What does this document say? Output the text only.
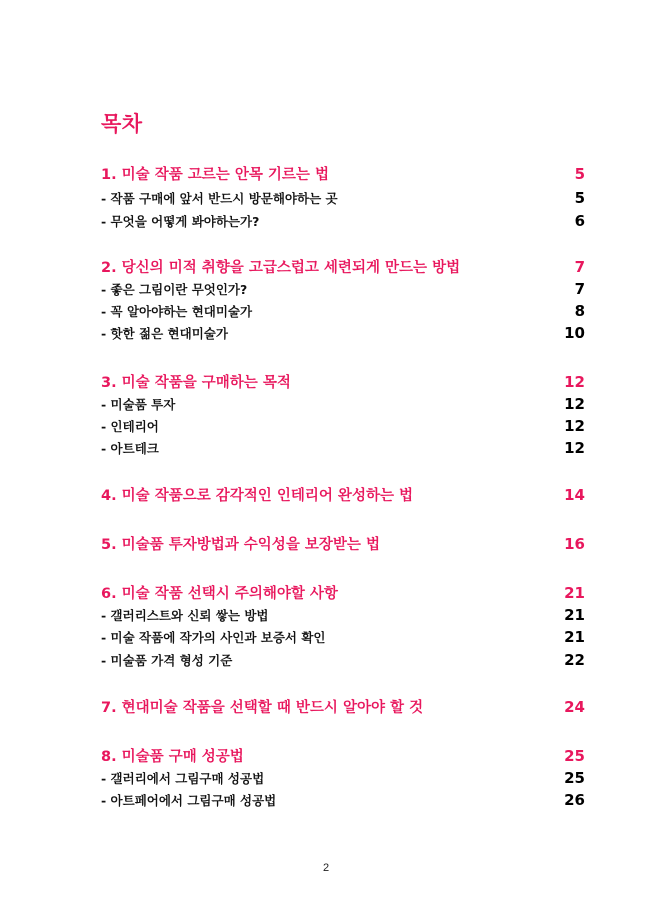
목차
1. 미술 작품 고르는 안목 기르는 법	5
- 작품 구매에 앞서 반드시 방문해야하는 곳	5
- 무엇을 어떻게 봐야하는가?	6
2. 당신의 미적 취향을 고급스럽고 세련되게 만드는 방법	7
- 좋은 그림이란 무엇인가?	7
- 꼭 알아야하는 현대미술가	8
- 핫한 젊은 현대미술가	10
3. 미술 작품을 구매하는 목적	12
- 미술품 투자	12
- 인테리어	12
- 아트테크	12
4. 미술 작품으로 감각적인 인테리어 완성하는 법	14
5. 미술품 투자방법과 수익성을 보장받는 법	16
6. 미술 작품 선택시 주의해야할 사항	21
- 갤러리스트와 신뢰 쌓는 방법	21
- 미술 작품에 작가의 사인과 보증서 확인	21
- 미술품 가격 형성 기준	22
7. 현대미술 작품을 선택할 때 반드시 알아야 할 것	24
8. 미술품 구매 성공법	25
- 갤러리에서 그림구매 성공법	25
- 아트페어에서 그림구매 성공법	26
2
